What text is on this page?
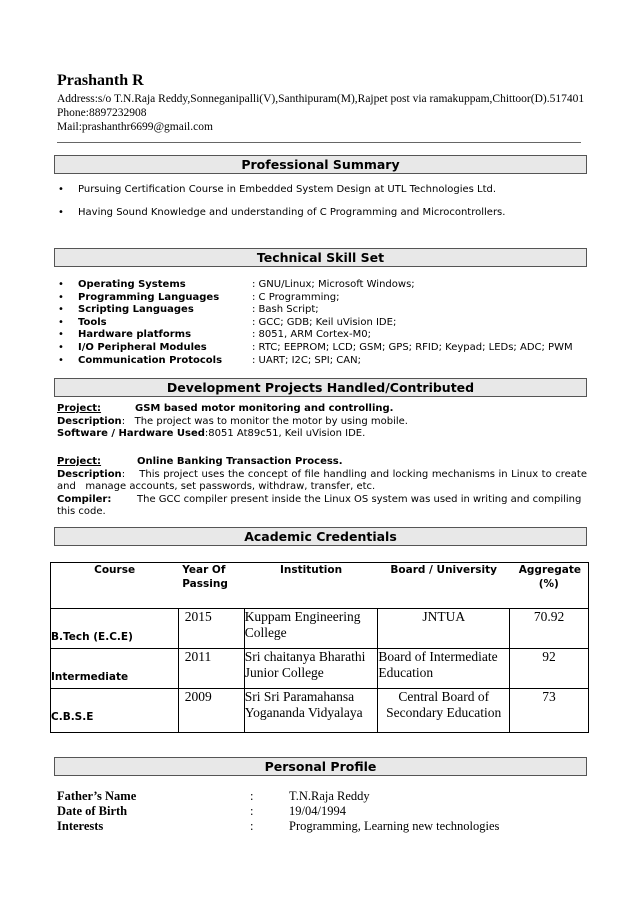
Prashanth R
Address:s/o T.N.Raja Reddy,Sonneganipalli(V),Santhipuram(M),Rajpet post via ramakuppam,Chittoor(D).517401
Phone:8897232908
Mail:prashanthr6699@gmail.com
Professional Summary
• Pursuing Certification Course in Embedded System Design at UTL Technologies Ltd.
• Having Sound Knowledge and understanding of C Programming and Microcontrollers.
Technical Skill Set
• Operating Systems	: GNU/Linux; Microsoft Windows;
• Programming Languages	: C Programming;
• Scripting Languages	: Bash Script;
• Tools	: GCC; GDB; Keil uVision IDE;
• Hardware platforms	: 8051, ARM Cortex-M0;
• I/O Peripheral Modules	: RTC; EEPROM; LCD; GSM; GPS; RFID; Keypad; LEDs; ADC; PWM
• Communication Protocols	: UART; I2C; SPI; CAN;
Development Projects Handled/Contributed
Project:	GSM based motor monitoring and controlling.
Description:   The project was to monitor the motor by using mobile.
Software / Hardware Used:8051 At89c51, Keil uVision IDE.
Project:	Online Banking Transaction Process.
Description:    This project uses the concept of file handling and locking mechanisms in Linux to create and   manage accounts, set passwords, withdraw, transfer, etc.
Compiler:	The GCC compiler present inside the Linux OS system was used in writing and compiling this code.
Academic Credentials
Course	Year Of Passing	Institution	Board / University	Aggregate (%)

B.Tech (E.C.E)	2015	Kuppam Engineering College	JNTUA	70.92
Intermediate	2011	Sri chaitanya Bharathi Junior College	Board of Intermediate Education	92
C.B.S.E	2009	Sri Sri Paramahansa Yogananda Vidyalaya	Central Board of Secondary Education	73
Personal Profile
Father’s Name	:	T.N.Raja Reddy
Date of Birth	:	19/04/1994
Interests	:	Programming, Learning new technologies
